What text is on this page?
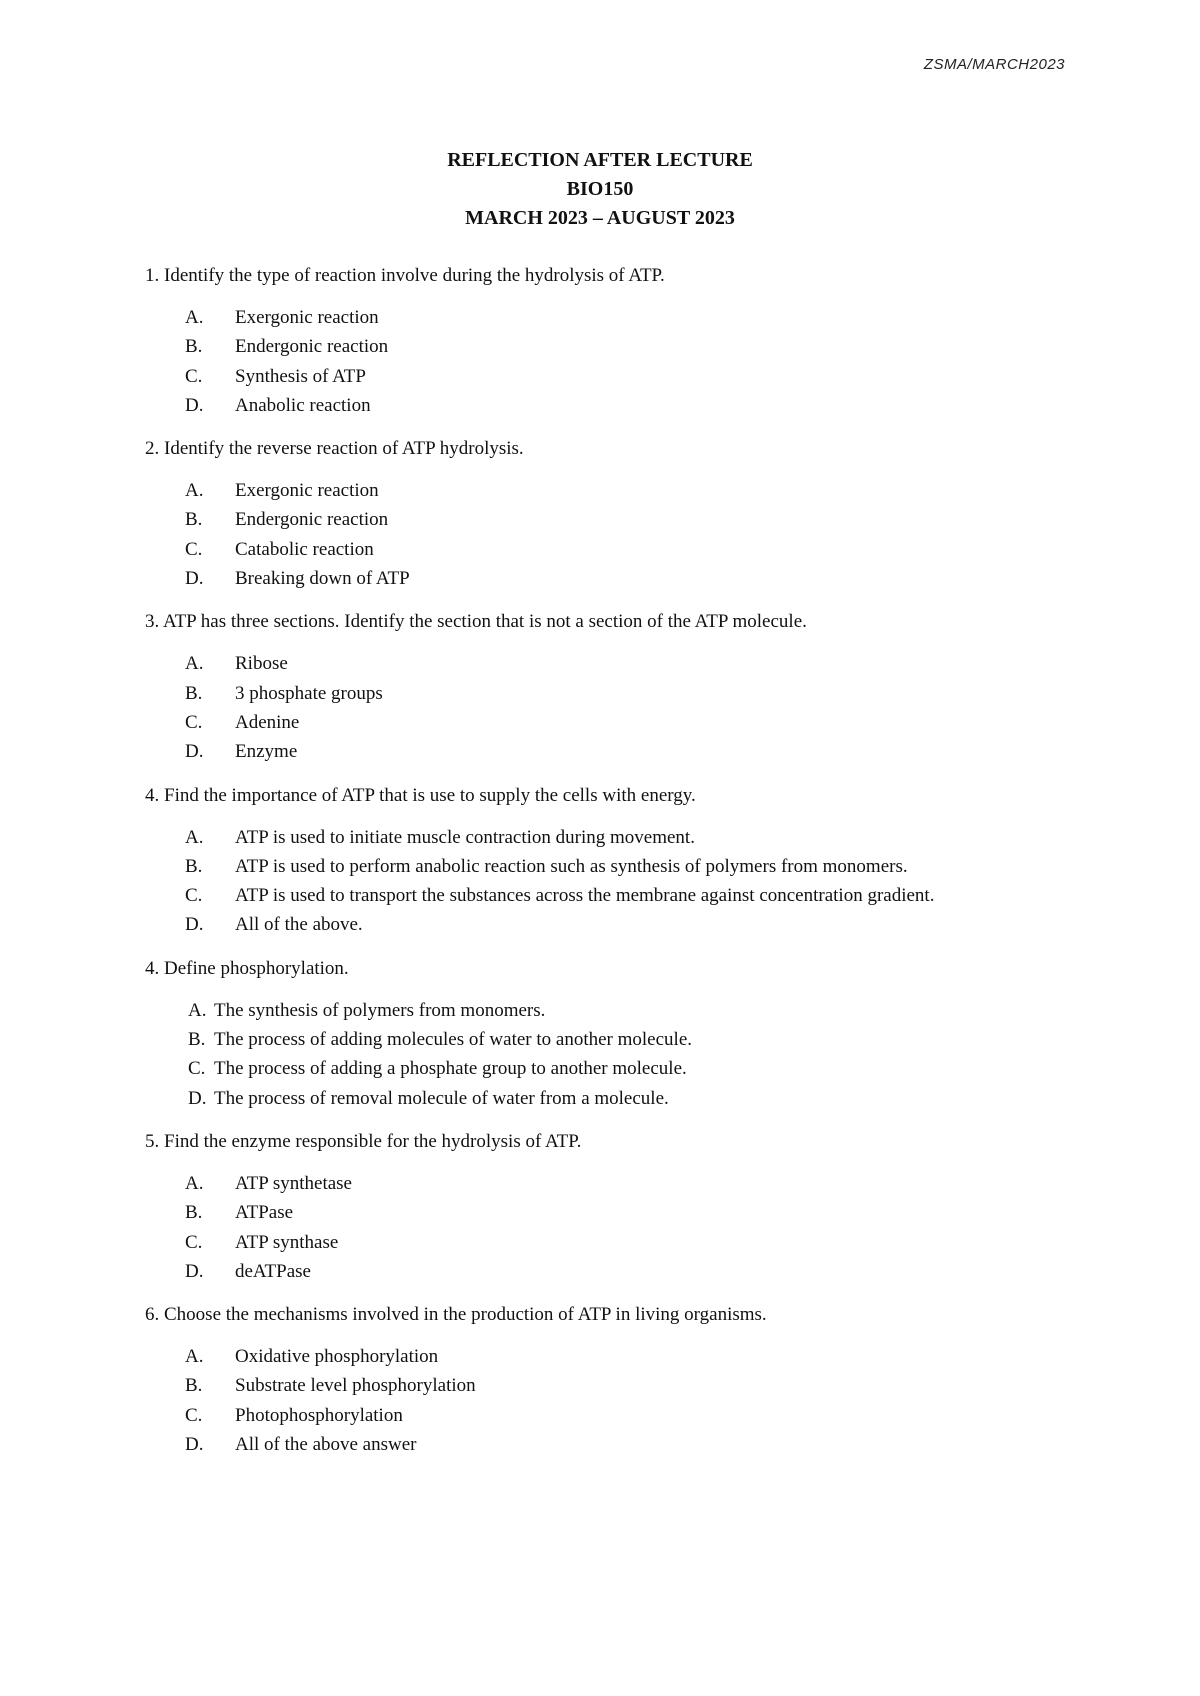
ZSMA/MARCH2023
REFLECTION AFTER LECTURE
BIO150
MARCH 2023 – AUGUST 2023
1. Identify the type of reaction involve during the hydrolysis of ATP.
A.	Exergonic reaction
B.	Endergonic reaction
C.	Synthesis of ATP
D.	Anabolic reaction
2. Identify the reverse reaction of ATP hydrolysis.
A.	Exergonic reaction
B.	Endergonic reaction
C.	Catabolic reaction
D.	Breaking down of ATP
3. ATP has three sections. Identify the section that is not a section of the ATP molecule.
A.	Ribose
B.	3 phosphate groups
C.	Adenine
D.	Enzyme
4. Find the importance of ATP that is use to supply the cells with energy.
A.	ATP is used to initiate muscle contraction during movement.
B.	ATP is used to perform anabolic reaction such as synthesis of polymers from monomers.
C.	ATP is used to transport the substances across the membrane against concentration gradient.
D.	All of the above.
4. Define phosphorylation.
A. The synthesis of polymers from monomers.
B. The process of adding molecules of water to another molecule.
C. The process of adding a phosphate group to another molecule.
D. The process of removal molecule of water from a molecule.
5. Find the enzyme responsible for the hydrolysis of ATP.
A.	ATP synthetase
B.	ATPase
C.	ATP synthase
D.	deATPase
6. Choose the mechanisms involved in the production of ATP in living organisms.
A.	Oxidative phosphorylation
B.	Substrate level phosphorylation
C.	Photophosphorylation
D.	All of the above answer
